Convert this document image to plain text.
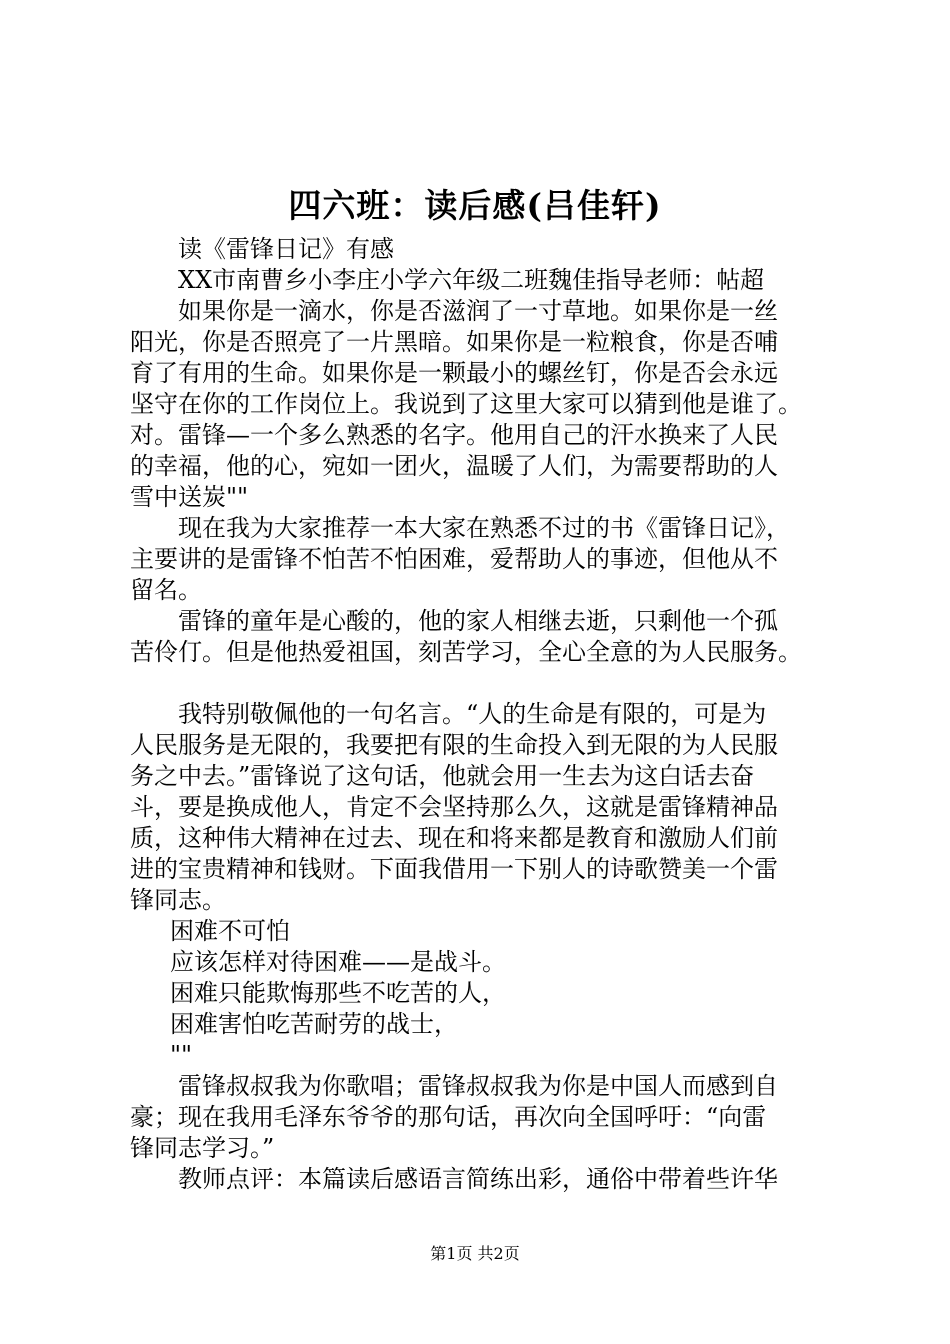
四六班：读后感(吕佳轩)
读《雷锋日记》有感
XX市南曹乡小李庄小学六年级二班魏佳指导老师：帖超
如果你是一滴水，你是否滋润了一寸草地。如果你是一丝
阳光，你是否照亮了一片黑暗。如果你是一粒粮食，你是否哺
育了有用的生命。如果你是一颗最小的螺丝钉，你是否会永远
坚守在你的工作岗位上。我说到了这里大家可以猜到他是谁了。
对。雷锋—一个多么熟悉的名字。他用自己的汗水换来了人民
的幸福，他的心，宛如一团火，温暖了人们，为需要帮助的人
雪中送炭""
现在我为大家推荐一本大家在熟悉不过的书《雷锋日记》，
主要讲的是雷锋不怕苦不怕困难，爱帮助人的事迹，但他从不
留名。
雷锋的童年是心酸的，他的家人相继去逝，只剩他一个孤
苦伶仃。但是他热爱祖国，刻苦学习，全心全意的为人民服务。
我特别敬佩他的一句名言。“人的生命是有限的，可是为
人民服务是无限的，我要把有限的生命投入到无限的为人民服
务之中去。”雷锋说了这句话，他就会用一生去为这白话去奋
斗，要是换成他人，肯定不会坚持那么久，这就是雷锋精神品
质，这种伟大精神在过去、现在和将来都是教育和激励人们前
进的宝贵精神和钱财。下面我借用一下别人的诗歌赞美一个雷
锋同志。
困难不可怕
应该怎样对待困难——是战斗。
困难只能欺悔那些不吃苦的人，
困难害怕吃苦耐劳的战士，
""
雷锋叔叔我为你歌唱；雷锋叔叔我为你是中国人而感到自
豪；现在我用毛泽东爷爷的那句话，再次向全国呼吁：“向雷
锋同志学习。”
教师点评：本篇读后感语言简练出彩，通俗中带着些许华
第1页 共2页
